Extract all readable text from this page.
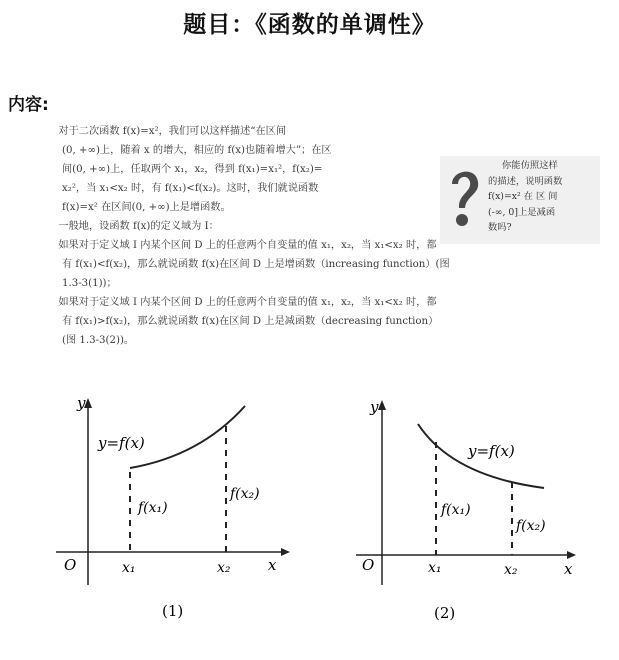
题目：《函数的单调性》
内容:
对于二次函数 f(x)=x²，我们可以这样描述“在区间
(0, +∞)上，随着 x 的增大，相应的 f(x)也随着增大”；在区
间(0, +∞)上，任取两个 x₁，x₂，得到 f(x₁)=x₁²，f(x₂)=
x₂²，当 x₁<x₂ 时，有 f(x₁)<f(x₂)。这时，我们就说函数
f(x)=x² 在区间(0, +∞)上是增函数。
一般地，设函数 f(x)的定义域为 I：
如果对于定义域 I 内某个区间 D 上的任意两个自变量的值 x₁，x₂，当 x₁<x₂ 时，都
有 f(x₁)<f(x₂)，那么就说函数 f(x)在区间 D 上是增函数（increasing function）(图
1.3-3(1))；
如果对于定义域 I 内某个区间 D 上的任意两个自变量的值 x₁，x₂，当 x₁<x₂ 时，都
有 f(x₁)>f(x₂)，那么就说函数 f(x)在区间 D 上是减函数（decreasing function）
(图 1.3-3(2))。
你能仿照这样
的描述，说明函数
f(x)=x² 在 区 间
(-∞, 0]上是减函
数吗?
y
x
O
y=f(x)
x₁	x₂
f(x₁)
f(x₂)
(1)
y
x
O
y=f(x)
x₁	x₂
f(x₁)
f(x₂)
(2)
